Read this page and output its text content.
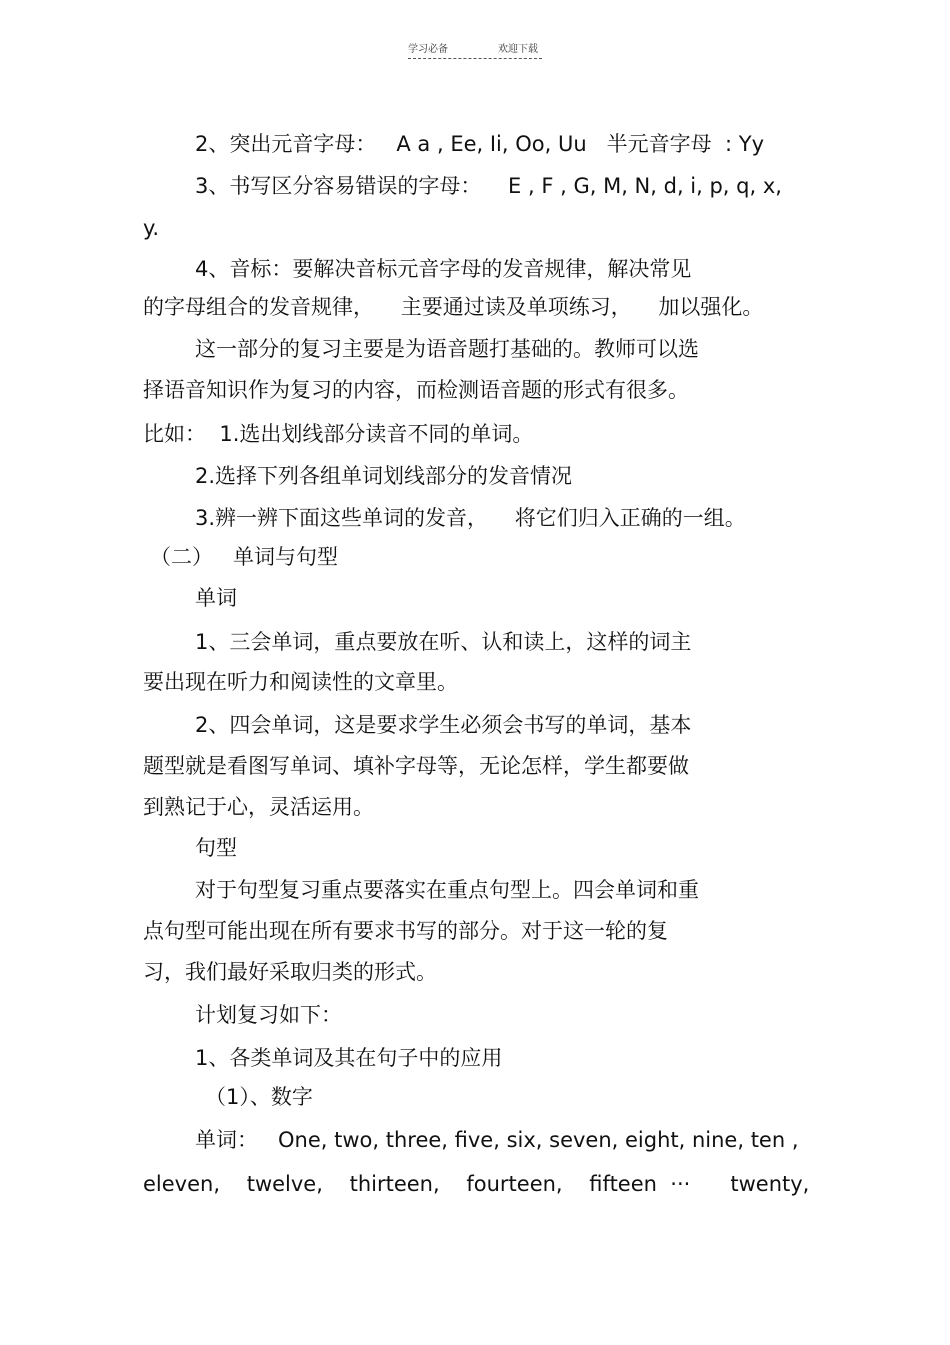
学习必备	欢迎下载
2、突出元音字母：   A a , Ee, Ii, Oo, Uu   半元音字母  : Yy
3、书写区分容易错误的字母：    E , F , G, M, N, d, i, p, q, x,
y.
4、音标：要解决音标元音字母的发音规律，解决常见
的字母组合的发音规律，    主要通过读及单项练习，    加以强化。
这一部分的复习主要是为语音题打基础的。教师可以选
择语音知识作为复习的内容，而检测语音题的形式有很多。
比如：  1.选出划线部分读音不同的单词。
2.选择下列各组单词划线部分的发音情况
3.辨一辨下面这些单词的发音，    将它们归入正确的一组。
（二）   单词与句型
单词
1、三会单词，重点要放在听、认和读上，这样的词主
要出现在听力和阅读性的文章里。
2、四会单词，这是要求学生必须会书写的单词，基本
题型就是看图写单词、填补字母等，无论怎样，学生都要做
到熟记于心，灵活运用。
句型
对于句型复习重点要落实在重点句型上。四会单词和重
点句型可能出现在所有要求书写的部分。对于这一轮的复
习，我们最好采取归类的形式。
计划复习如下：
1、各类单词及其在句子中的应用
（1）、数字
单词：   One, two, three, five, six, seven, eight, nine, ten ,
eleven,    twelve,    thirteen,    fourteen,    fifteen  ···      twenty,
